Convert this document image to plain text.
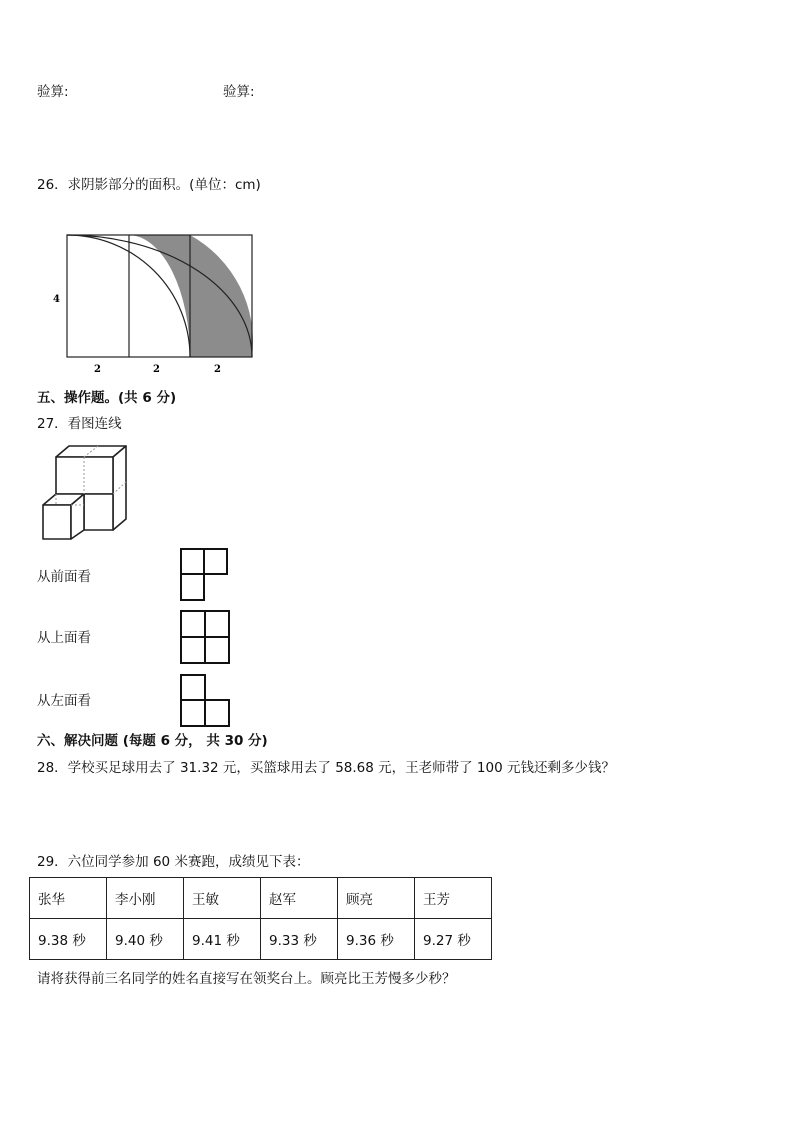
验算:	验算:
26．求阴影部分的面积。(单位：cm)
4
2	2	2
五、操作题。(共 6 分)
27．看图连线
从前面看
从上面看
从左面看
六、解决问题 (每题 6 分， 共 30 分)
28．学校买足球用去了 31.32 元，买篮球用去了 58.68 元，王老师带了 100 元钱还剩多少钱？
29．六位同学参加 60 米赛跑，成绩见下表：
张华	李小刚	王敏	赵军	顾亮	王芳
9.38 秒	9.40 秒	9.41 秒	9.33 秒	9.36 秒	9.27 秒
请将获得前三名同学的姓名直接写在领奖台上。顾亮比王芳慢多少秒？
